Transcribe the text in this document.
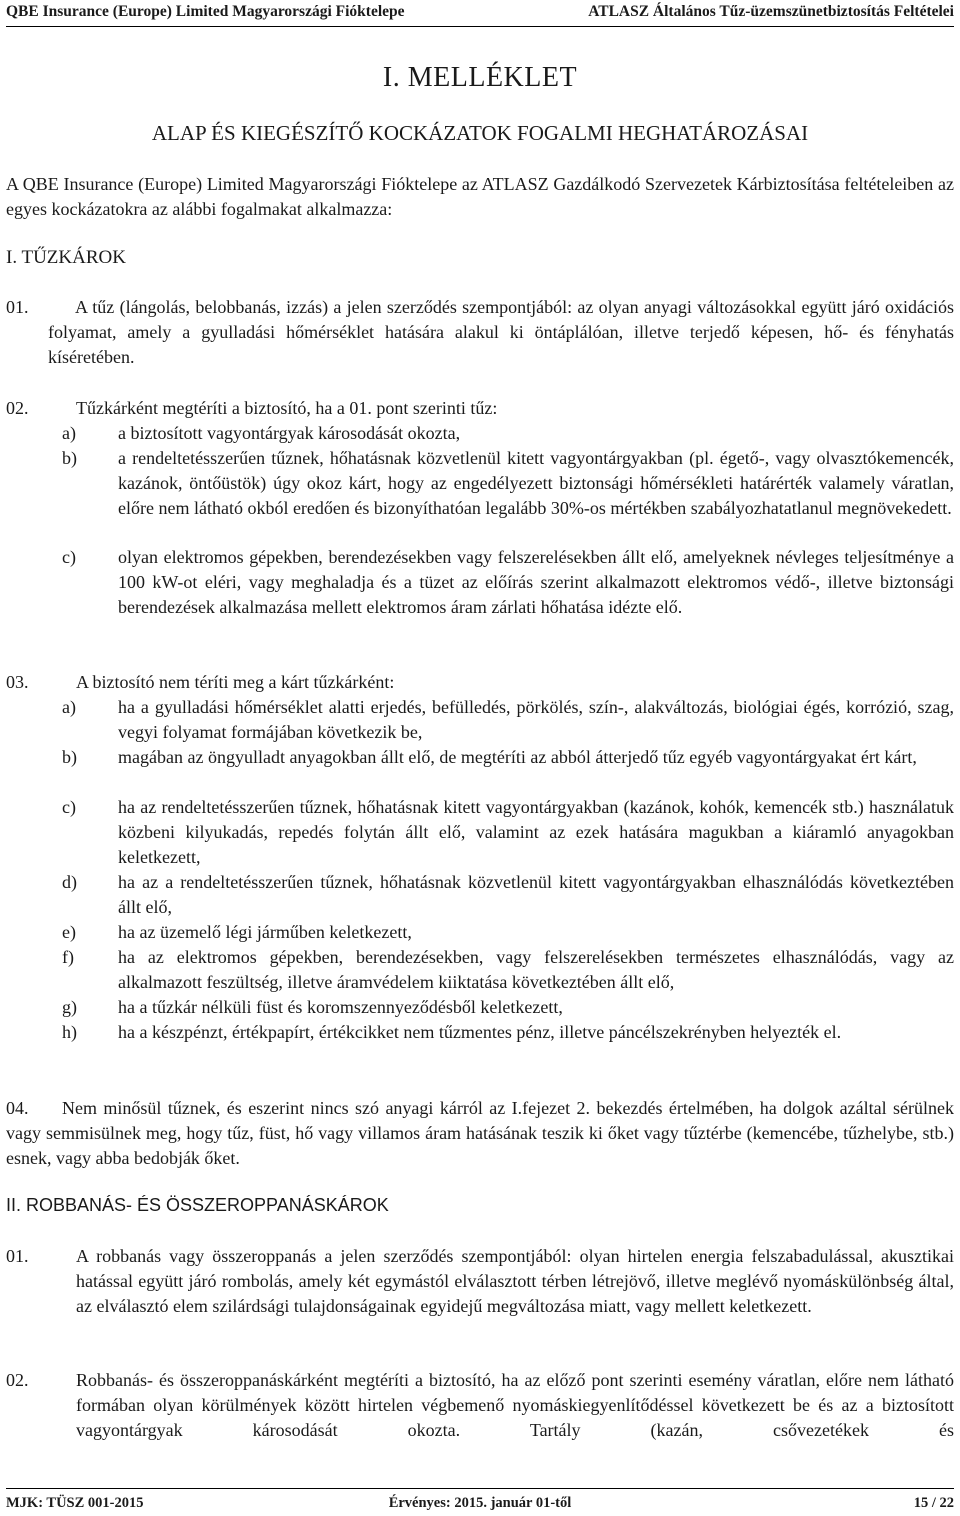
QBE Insurance (Europe) Limited Magyarországi Fióktelepe	ATLASZ Általános Tűz-üzemszünetbiztosítás Feltételei
I. MELLÉKLET
ALAP ÉS KIEGÉSZÍTŐ KOCKÁZATOK FOGALMI HEGHATÁROZÁSAI
A QBE Insurance (Europe) Limited Magyarországi Fióktelepe az ATLASZ Gazdálkodó Szervezetek Kárbiztosítása feltételeiben az egyes kockázatokra az alábbi fogalmakat alkalmazza:
I. TŰZKÁROK
01.	A tűz (lángolás, belobbanás, izzás) a jelen szerződés szempontjából: az olyan anyagi változásokkal együtt járó oxidációs folyamat, amely a gyulladási hőmérséklet hatására alakul ki öntáplálóan, illetve terjedő képesen, hő- és fényhatás kíséretében.
02.	Tűzkárként megtéríti a biztosító, ha a 01. pont szerinti tűz:
a) a biztosított vagyontárgyak károsodását okozta,
b) a rendeltetésszerűen tűznek, hőhatásnak közvetlenül kitett vagyontárgyakban (pl. égető-, vagy olvasztókemencék, kazánok, öntőüstök) úgy okoz kárt, hogy az engedélyezett biztonsági hőmérsékleti határérték valamely váratlan, előre nem látható okból eredően és bizonyíthatóan legalább 30%-os mértékben szabályozhatatlanul megnövekedett.
c) olyan elektromos gépekben, berendezésekben vagy felszerelésekben állt elő, amelyeknek névleges teljesítménye a 100 kW-ot eléri, vagy meghaladja és a tüzet az előírás szerint alkalmazott elektromos védő-, illetve biztonsági berendezések alkalmazása mellett elektromos áram zárlati hőhatása idézte elő.
03.	A biztosító nem téríti meg a kárt tűzkárként:
a) ha a gyulladási hőmérséklet alatti erjedés, befülledés, pörkölés, szín-, alakváltozás, biológiai égés, korrózió, szag, vegyi folyamat formájában következik be,
b) magában az öngyulladt anyagokban állt elő, de megtéríti az abból átterjedő tűz egyéb vagyontárgyakat ért kárt,
c) ha az rendeltetésszerűen tűznek, hőhatásnak kitett vagyontárgyakban (kazánok, kohók, kemencék stb.) használatuk közbeni kilyukadás, repedés folytán állt elő, valamint az ezek hatására magukban a kiáramló anyagokban keletkezett,
d) ha az a rendeltetésszerűen tűznek, hőhatásnak közvetlenül kitett vagyontárgyakban elhasználódás következtében állt elő,
e) ha az üzemelő légi járműben keletkezett,
f) ha az elektromos gépekben, berendezésekben, vagy felszerelésekben természetes elhasználódás, vagy az alkalmazott feszültség, illetve áramvédelem kiiktatása következtében állt elő,
g) ha a tűzkár nélküli füst és koromszennyeződésből keletkezett,
h) ha a készpénzt, értékpapírt, értékcikket nem tűzmentes pénz, illetve páncélszekrényben helyezték el.
04.	Nem minősül tűznek, és eszerint nincs szó anyagi kárról az I.fejezet 2. bekezdés értelmében, ha dolgok azáltal sérülnek vagy semmisülnek meg, hogy tűz, füst, hő vagy villamos áram hatásának teszik ki őket vagy tűztérbe (kemencébe, tűzhelybe, stb.) esnek, vagy abba bedobják őket.
II. ROBBANÁS- ÉS ÖSSZEROPPANÁSKÁROK
01.	A robbanás vagy összeroppanás a jelen szerződés szempontjából: olyan hirtelen energia felszabadulással, akusztikai hatással együtt járó rombolás, amely két egymástól elválasztott térben létrejövő, illetve meglévő nyomáskülönbség által, az elválasztó elem szilárdsági tulajdonságainak egyidejű megváltozása miatt, vagy mellett keletkezett.
02.	Robbanás- és összeroppanáskárként megtéríti a biztosító, ha az előző pont szerinti esemény váratlan, előre nem látható formában olyan körülmények között hirtelen végbemenő nyomáskiegyenlítődéssel következett be és az a biztosított vagyontárgyak károsodását okozta. Tartály (kazán, csővezetékek és
MJK: TÜSZ 001-2015	Érvényes: 2015. január 01-től	15 / 22
